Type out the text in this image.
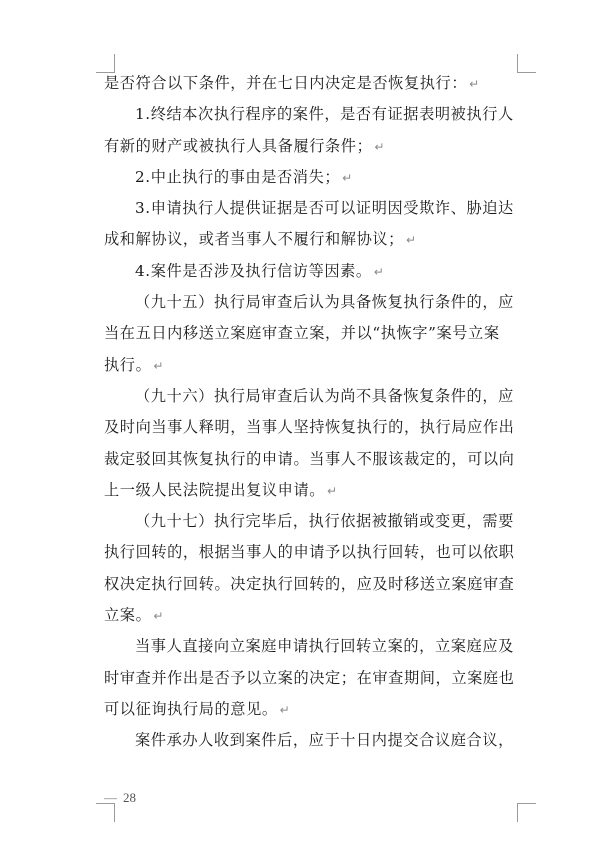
是否符合以下条件，并在七日内决定是否恢复执行： ↵

1.终结本次执行程序的案件，是否有证据表明被执行人
有新的财产或被执行人具备履行条件； ↵

2.中止执行的事由是否消失； ↵

3.申请执行人提供证据是否可以证明因受欺诈、胁迫达
成和解协议，或者当事人不履行和解协议； ↵

4.案件是否涉及执行信访等因素。 ↵

（九十五）执行局审查后认为具备恢复执行条件的，应
当在五日内移送立案庭审查立案，并以“执恢字”案号立案
执行。 ↵

（九十六）执行局审查后认为尚不具备恢复条件的，应
及时向当事人释明，当事人坚持恢复执行的，执行局应作出
裁定驳回其恢复执行的申请。当事人不服该裁定的，可以向
上一级人民法院提出复议申请。 ↵

（九十七）执行完毕后，执行依据被撤销或变更，需要
执行回转的，根据当事人的申请予以执行回转，也可以依职
权决定执行回转。决定执行回转的，应及时移送立案庭审查
立案。 ↵

当事人直接向立案庭申请执行回转立案的，立案庭应及
时审查并作出是否予以立案的决定；在审查期间，立案庭也
可以征询执行局的意见。 ↵

案件承办人收到案件后，应于十日内提交合议庭合议，

— 28
